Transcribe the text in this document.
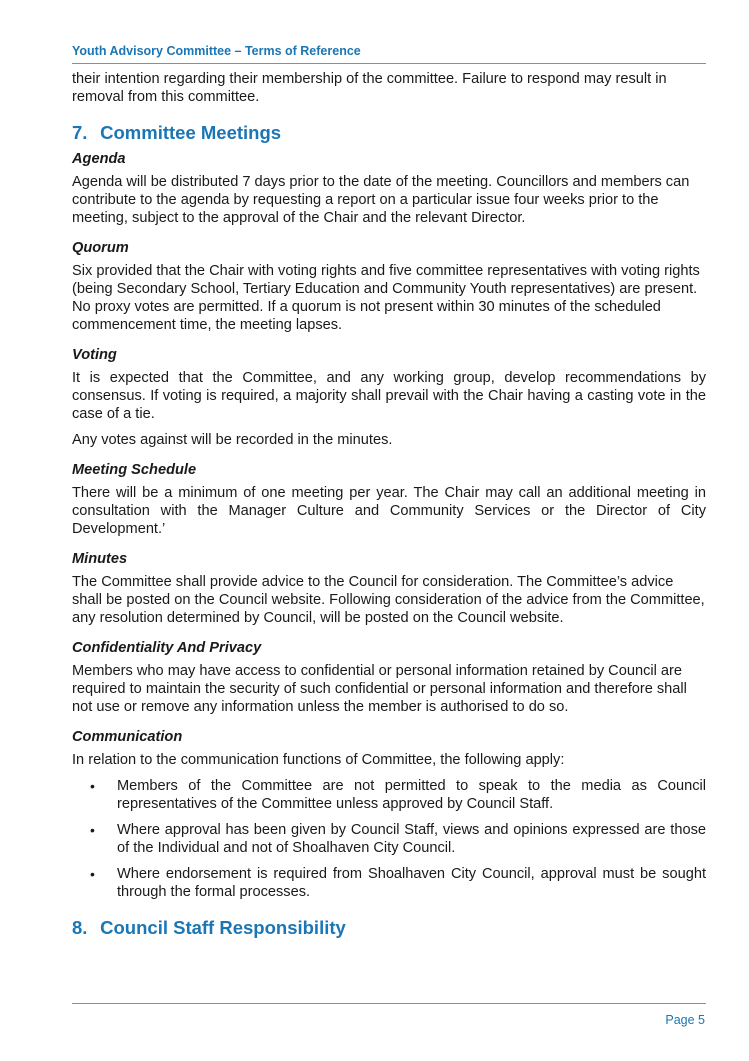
Youth Advisory Committee – Terms of Reference

their intention regarding their membership of the committee. Failure to respond may result in removal from this committee.

7. Committee Meetings
Agenda

Agenda will be distributed 7 days prior to the date of the meeting. Councillors and members can contribute to the agenda by requesting a report on a particular issue four weeks prior to the meeting, subject to the approval of the Chair and the relevant Director.

Quorum

Six provided that the Chair with voting rights and five committee representatives with voting rights (being Secondary School, Tertiary Education and Community Youth representatives) are present. No proxy votes are permitted. If a quorum is not present within 30 minutes of the scheduled commencement time, the meeting lapses.

Voting

It is expected that the Committee, and any working group, develop recommendations by consensus. If voting is required, a majority shall prevail with the Chair having a casting vote in the case of a tie.

Any votes against will be recorded in the minutes.

Meeting Schedule

There will be a minimum of one meeting per year. The Chair may call an additional meeting in consultation with the Manager Culture and Community Services or the Director of City Development.’

Minutes

The Committee shall provide advice to the Council for consideration. The Committee’s advice shall be posted on the Council website. Following consideration of the advice from the Committee, any resolution determined by Council, will be posted on the Council website.

Confidentiality And Privacy

Members who may have access to confidential or personal information retained by Council are required to maintain the security of such confidential or personal information and therefore shall not use or remove any information unless the member is authorised to do so.

Communication

In relation to the communication functions of Committee, the following apply:

• Members of the Committee are not permitted to speak to the media as Council representatives of the Committee unless approved by Council Staff.
• Where approval has been given by Council Staff, views and opinions expressed are those of the Individual and not of Shoalhaven City Council.
• Where endorsement is required from Shoalhaven City Council, approval must be sought through the formal processes.
8. Council Staff Responsibility
Page 5
